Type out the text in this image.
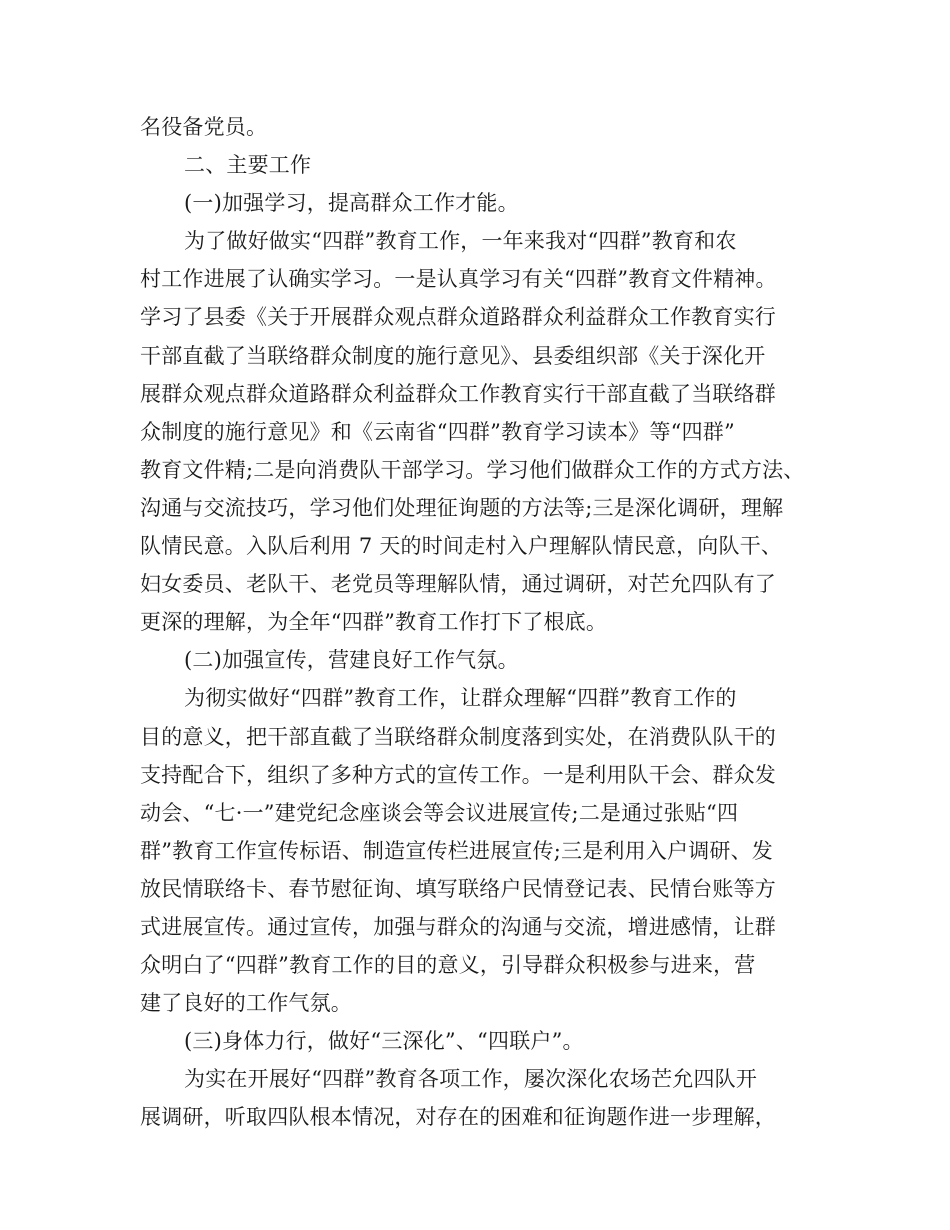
名役备党员。
二、主要工作
(一)加强学习，提高群众工作才能。
为了做好做实“四群”教育工作，一年来我对“四群”教育和农
村工作进展了认确实学习。一是认真学习有关“四群”教育文件精神。
学习了县委《关于开展群众观点群众道路群众利益群众工作教育实行
干部直截了当联络群众制度的施行意见》、县委组织部《关于深化开
展群众观点群众道路群众利益群众工作教育实行干部直截了当联络群
众制度的施行意见》和《云南省“四群”教育学习读本》等“四群”
教育文件精;二是向消费队干部学习。学习他们做群众工作的方式方法、
沟通与交流技巧，学习他们处理征询题的方法等;三是深化调研，理解
队情民意。入队后利用 7 天的时间走村入户理解队情民意，向队干、
妇女委员、老队干、老党员等理解队情，通过调研，对芒允四队有了
更深的理解，为全年“四群”教育工作打下了根底。
(二)加强宣传，营建良好工作气氛。
为彻实做好“四群”教育工作，让群众理解“四群”教育工作的
目的意义，把干部直截了当联络群众制度落到实处，在消费队队干的
支持配合下，组织了多种方式的宣传工作。一是利用队干会、群众发
动会、“七·一”建党纪念座谈会等会议进展宣传;二是通过张贴“四
群”教育工作宣传标语、制造宣传栏进展宣传;三是利用入户调研、发
放民情联络卡、春节慰征询、填写联络户民情登记表、民情台账等方
式进展宣传。通过宣传，加强与群众的沟通与交流，增进感情，让群
众明白了“四群”教育工作的目的意义，引导群众积极参与进来，营
建了良好的工作气氛。
(三)身体力行，做好“三深化”、“四联户”。
为实在开展好“四群”教育各项工作，屡次深化农场芒允四队开
展调研，听取四队根本情况，对存在的困难和征询题作进一步理解，
